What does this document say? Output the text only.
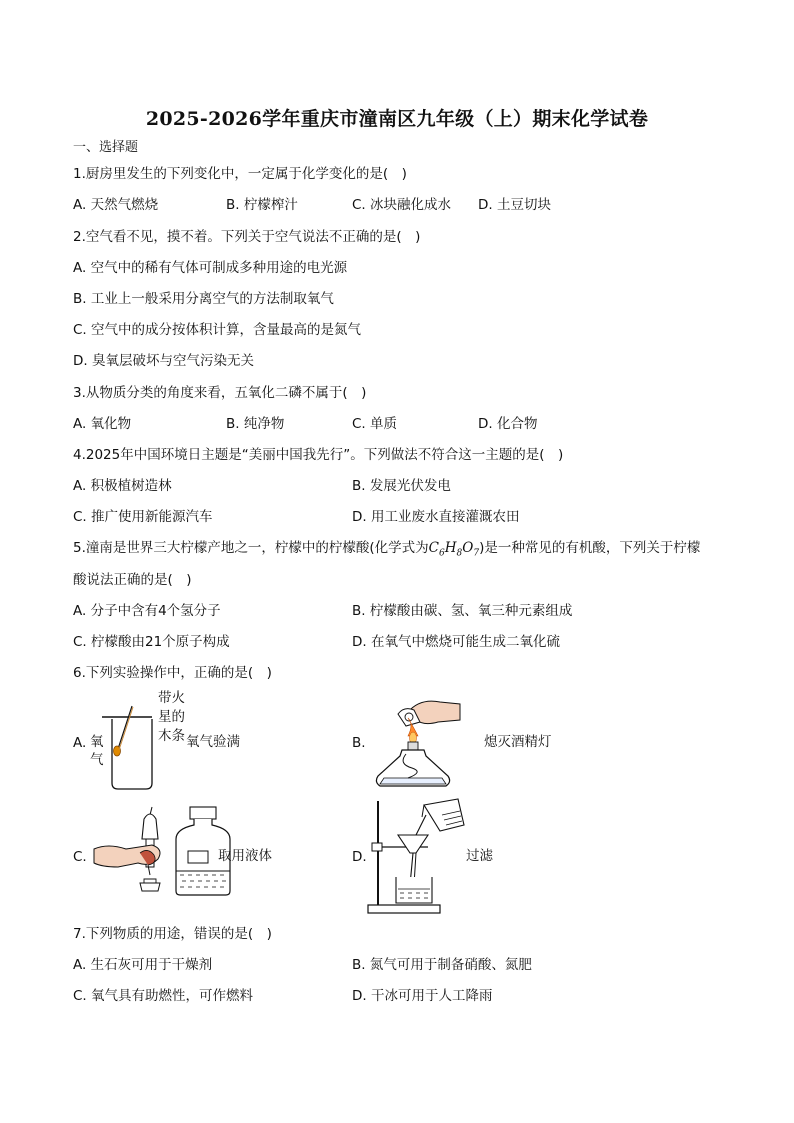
2025-2026学年重庆市潼南区九年级（上）期末化学试卷
一、选择题
1.厨房里发生的下列变化中，一定属于化学变化的是(　)
A. 天然气燃烧	B. 柠檬榨汁	C. 冰块融化成水 D. 土豆切块
2.空气看不见，摸不着。下列关于空气说法不正确的是(　)
A. 空气中的稀有气体可制成多种用途的电光源
B. 工业上一般采用分离空气的方法制取氧气
C. 空气中的成分按体积计算，含量最高的是氮气
D. 臭氧层破坏与空气污染无关
3.从物质分类的角度来看，五氧化二磷不属于(　)
A. 氧化物	B. 纯净物	C. 单质	D. 化合物
4.2025年中国环境日主题是“美丽中国我先行”。下列做法不符合这一主题的是(　)
A. 积极植树造林	B. 发展光伏发电
C. 推广使用新能源汽车	D. 用工业废水直接灌溉农田
5.潼南是世界三大柠檬产地之一，柠檬中的柠檬酸(化学式为$C_6H_8O_7$)是一种常见的有机酸，下列关于柠檬
酸说法正确的是(　)
A. 分子中含有4个氢分子	B. 柠檬酸由碳、氢、氧三种元素组成
C. 柠檬酸由21个原子构成	D. 在氧气中燃烧可能生成二氧化硫
6.下列实验操作中，正确的是(　)
A. 氧
气
带火
星的
木条 氧气验满	B.	熄灭酒精灯
C.	取用液体	D.	过滤
7.下列物质的用途，错误的是(　)
A. 生石灰可用于干燥剂	B. 氮气可用于制备硝酸、氮肥
C. 氧气具有助燃性，可作燃料	D. 干冰可用于人工降雨
